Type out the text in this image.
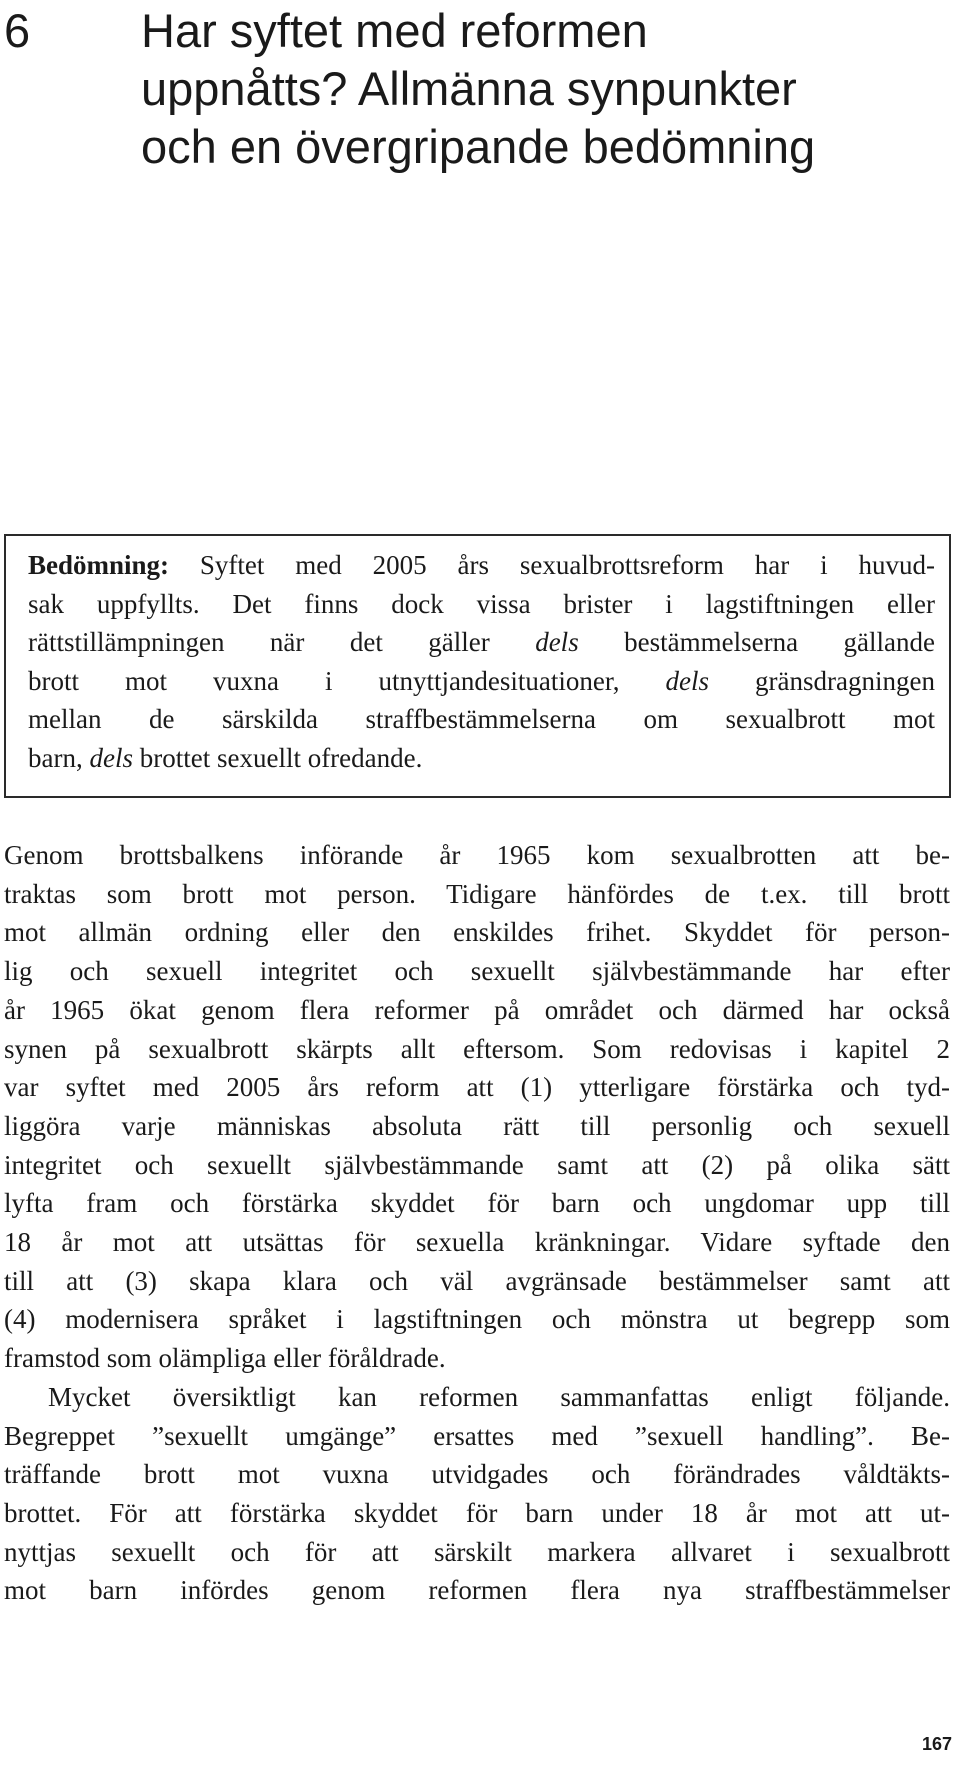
6 Har syftet med reformen
uppnåtts? Allmänna synpunkter
och en övergripande bedömning
Bedömning: Syftet med 2005 års sexualbrottsreform har i huvud-
sak uppfyllts. Det finns dock vissa brister i lagstiftningen eller
rättstillämpningen när det gäller dels bestämmelserna gällande
brott mot vuxna i utnyttjandesituationer, dels gränsdragningen
mellan de särskilda straffbestämmelserna om sexualbrott mot
barn, dels brottet sexuellt ofredande.
Genom brottsbalkens införande år 1965 kom sexualbrotten att be-
traktas som brott mot person. Tidigare hänfördes de t.ex. till brott
mot allmän ordning eller den enskildes frihet. Skyddet för person-
lig och sexuell integritet och sexuellt självbestämmande har efter
år 1965 ökat genom flera reformer på området och därmed har också
synen på sexualbrott skärpts allt eftersom. Som redovisas i kapitel 2
var syftet med 2005 års reform att (1) ytterligare förstärka och tyd-
liggöra varje människas absoluta rätt till personlig och sexuell
integritet och sexuellt självbestämmande samt att (2) på olika sätt
lyfta fram och förstärka skyddet för barn och ungdomar upp till
18 år mot att utsättas för sexuella kränkningar. Vidare syftade den
till att (3) skapa klara och väl avgränsade bestämmelser samt att
(4) modernisera språket i lagstiftningen och mönstra ut begrepp som
framstod som olämpliga eller föråldrade.
Mycket översiktligt kan reformen sammanfattas enligt följande.
Begreppet ”sexuellt umgänge” ersattes med ”sexuell handling”. Be-
träffande brott mot vuxna utvidgades och förändrades våldtäkts-
brottet. För att förstärka skyddet för barn under 18 år mot att ut-
nyttjas sexuellt och för att särskilt markera allvaret i sexualbrott
mot barn infördes genom reformen flera nya straffbestämmelser
167
